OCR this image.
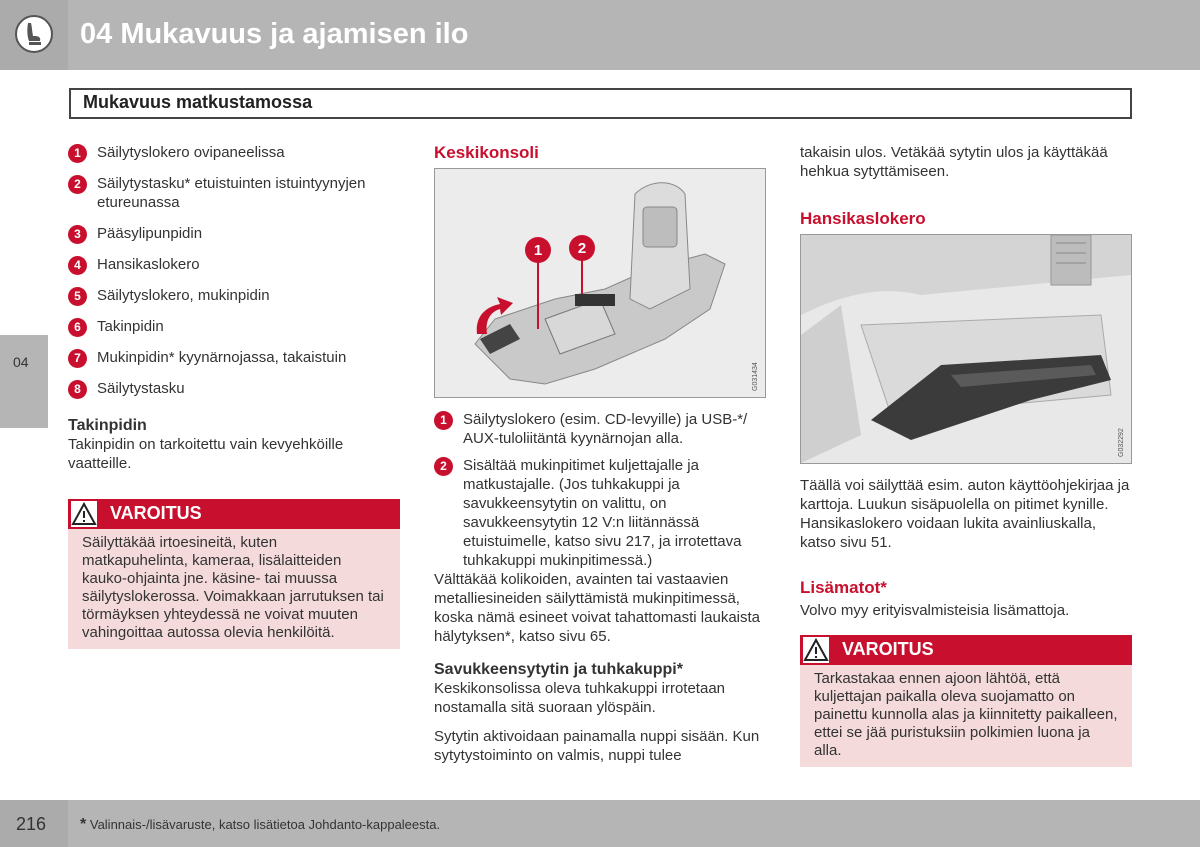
04 Mukavuus ja ajamisen ilo
Mukavuus matkustamossa
04
1	Säilytyslokero ovipaneelissa
2	Säilytystasku* etuistuinten istuintyynyjen etureunassa
3	Pääsylipunpidin
4	Hansikaslokero
5	Säilytyslokero, mukinpidin
6	Takinpidin
7	Mukinpidin* kyynärnojassa, takaistuin
8	Säilytystasku

Takinpidin

Takinpidin on tarkoitettu vain kevyehköille vaatteille.

VAROITUS
Säilyttäkää irtoesineitä, kuten matkapuhelinta, kameraa, lisälaitteiden kauko-ohjainta jne. käsine- tai muussa säilytyslokerossa. Voimakkaan jarrutuksen tai törmäyksen yhteydessä ne voivat muuten vahingoittaa autossa olevia henkilöitä.

Keskikonsoli

1 2
G031434
1	Säilytyslokero (esim. CD-levyille) ja USB-*/ AUX-tuloliitäntä kyynärnojan alla.
2	Sisältää mukinpitimet kuljettajalle ja matkustajalle. (Jos tuhkakuppi ja savukkeensytytin on valittu, on savukkeensytytin 12 V:n liitännässä etuistuimelle, katso sivu 217, ja irrotettava tuhkakuppi mukinpitimessä.)

Välttäkää kolikoiden, avainten tai vastaavien metalliesineiden säilyttämistä mukinpitimessä, koska nämä esineet voivat tahattomasti laukaista hälytyksen*, katso sivu 65.

Savukkeensytytin ja tuhkakuppi*

Keskikonsolissa oleva tuhkakuppi irrotetaan nostamalla sitä suoraan ylöspäin.

Sytytin aktivoidaan painamalla nuppi sisään. Kun sytytystoiminto on valmis, nuppi tulee

takaisin ulos. Vetäkää sytytin ulos ja käyttäkää hehkua sytyttämiseen.

Hansikaslokero

G032292

Täällä voi säilyttää esim. auton käyttöohjekirjaa ja karttoja. Luukun sisäpuolella on pitimet kynille. Hansikaslokero voidaan lukita avainliuskalla, katso sivu 51.

Lisämatot*

Volvo myy erityisvalmisteisia lisämattoja.

VAROITUS
Tarkastakaa ennen ajoon lähtöä, että kuljettajan paikalla oleva suojamatto on painettu kunnolla alas ja kiinnitetty paikalleen, ettei se jää puristuksiin polkimien luona ja alla.
216 * Valinnais-/lisävaruste, katso lisätietoa Johdanto-kappaleesta.
